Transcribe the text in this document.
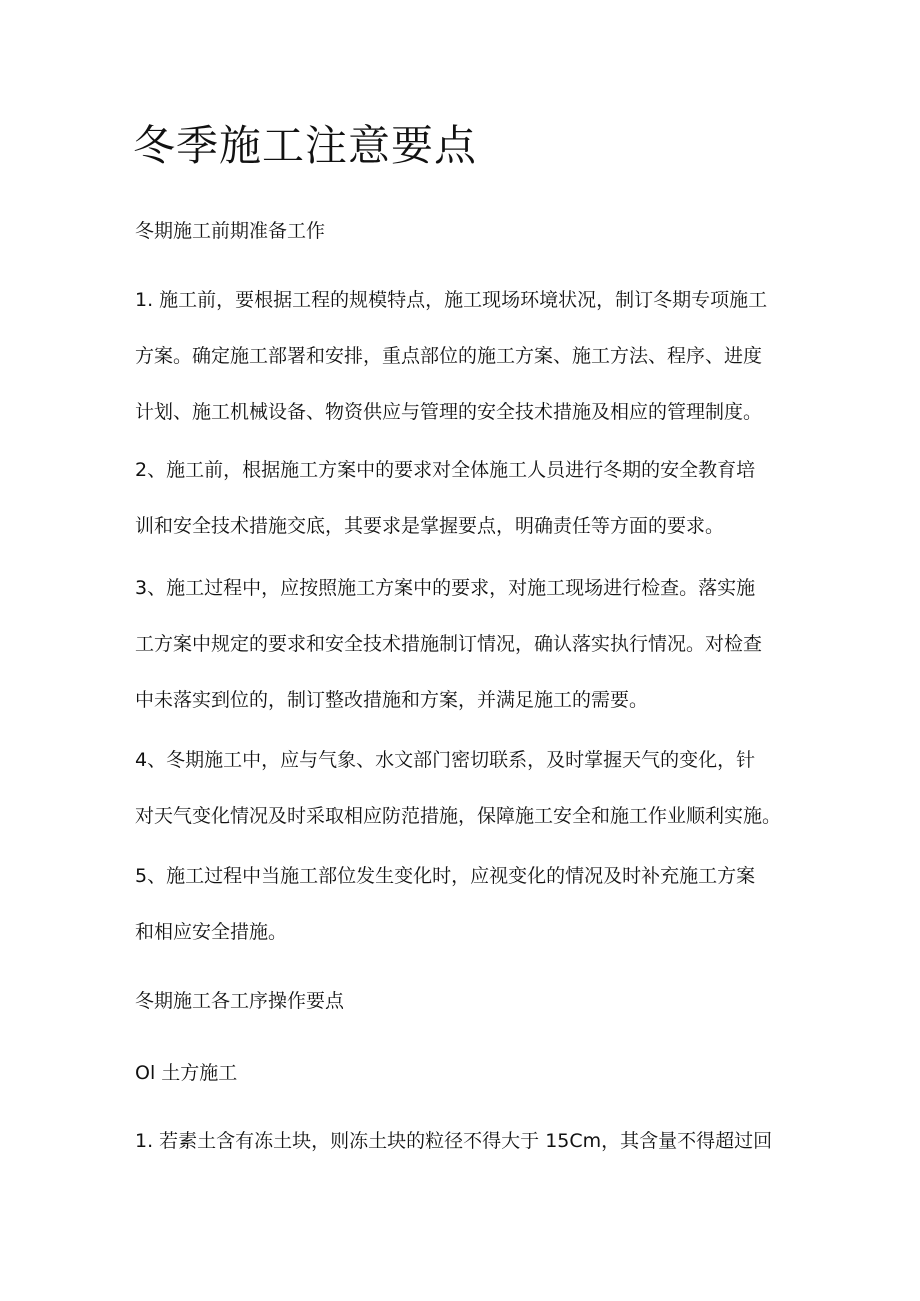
冬季施工注意要点

冬期施工前期准备工作

1. 施工前，要根据工程的规模特点，施工现场环境状况，制订冬期专项施工
方案。确定施工部署和安排，重点部位的施工方案、施工方法、程序、进度
计划、施工机械设备、物资供应与管理的安全技术措施及相应的管理制度。
2、施工前，根据施工方案中的要求对全体施工人员进行冬期的安全教育培
训和安全技术措施交底，其要求是掌握要点，明确责任等方面的要求。
3、施工过程中，应按照施工方案中的要求，对施工现场进行检查。落实施
工方案中规定的要求和安全技术措施制订情况，确认落实执行情况。对检查
中未落实到位的，制订整改措施和方案，并满足施工的需要。
4、冬期施工中，应与气象、水文部门密切联系，及时掌握天气的变化，针
对天气变化情况及时采取相应防范措施，保障施工安全和施工作业顺利实施。
5、施工过程中当施工部位发生变化时，应视变化的情况及时补充施工方案
和相应安全措施。

冬期施工各工序操作要点

Ol 土方施工

1. 若素土含有冻土块，则冻土块的粒径不得大于 15Cm，其含量不得超过回
